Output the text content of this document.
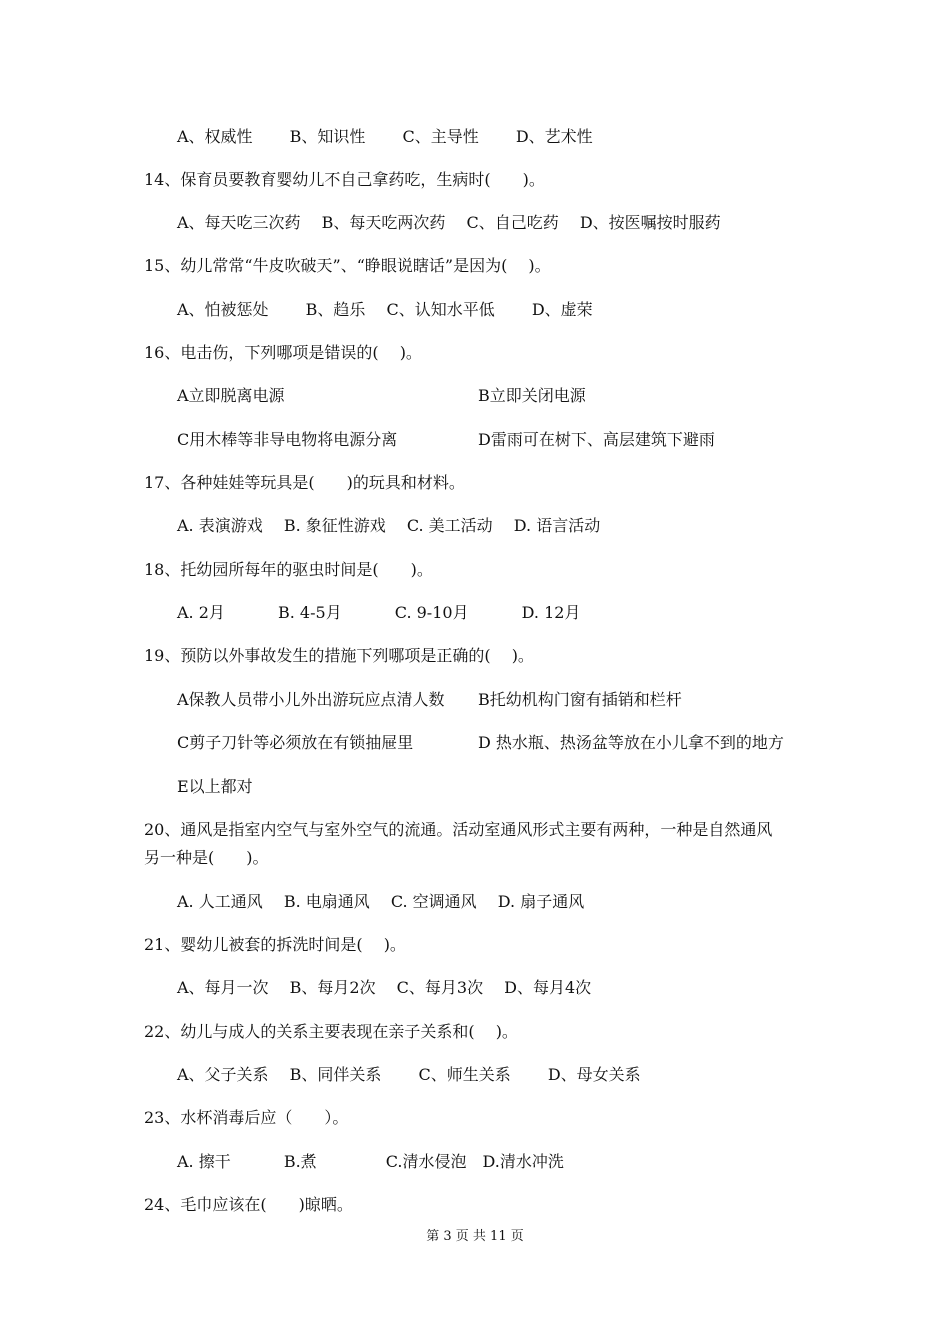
A、权威性　　 B、知识性　　 C、主导性　　 D、艺术性
14、保育员要教育婴幼儿不自己拿药吃，生病时(　　)。
A、每天吃三次药　 B、每天吃两次药　 C、自己吃药　 D、按医嘱按时服药
15、幼儿常常“牛皮吹破天”、“睁眼说瞎话”是因为(　 )。
A、怕被惩处　　 B、趋乐　 C、认知水平低　　 D、虚荣
16、电击伤，下列哪项是错误的(　 )。
A立即脱离电源	B立即关闭电源
C用木棒等非导电物将电源分离	D雷雨可在树下、高层建筑下避雨
17、各种娃娃等玩具是(　　)的玩具和材料。
A. 表演游戏　 B. 象征性游戏　 C. 美工活动　 D. 语言活动
18、托幼园所每年的驱虫时间是(　　)。
A. 2月　　　 B. 4-5月　　　 C. 9-10月　　　 D. 12月
19、预防以外事故发生的措施下列哪项是正确的(　 )。
A保教人员带小儿外出游玩应点清人数 B托幼机构门窗有插销和栏杆
C剪子刀针等必须放在有锁抽屉里	D 热水瓶、热汤盆等放在小儿拿不到的地方
E以上都对
20、通风是指室内空气与室外空气的流通。活动室通风形式主要有两种，一种是自然通风
另一种是(　　)。
A. 人工通风　 B. 电扇通风　 C. 空调通风　 D. 扇子通风
21、婴幼儿被套的拆洗时间是(　 )。
A、每月一次　 B、每月2次　 C、每月3次　 D、每月4次
22、幼儿与成人的关系主要表现在亲子关系和(　 )。
A、父子关系　 B、同伴关系　　 C、师生关系　　 D、母女关系
23、水杯消毒后应（　　）。
A. 擦干　　　 B.煮　　　　 C.清水侵泡　D.清水冲洗
24、毛巾应该在(　　)晾晒。
第 3 页 共 11 页
